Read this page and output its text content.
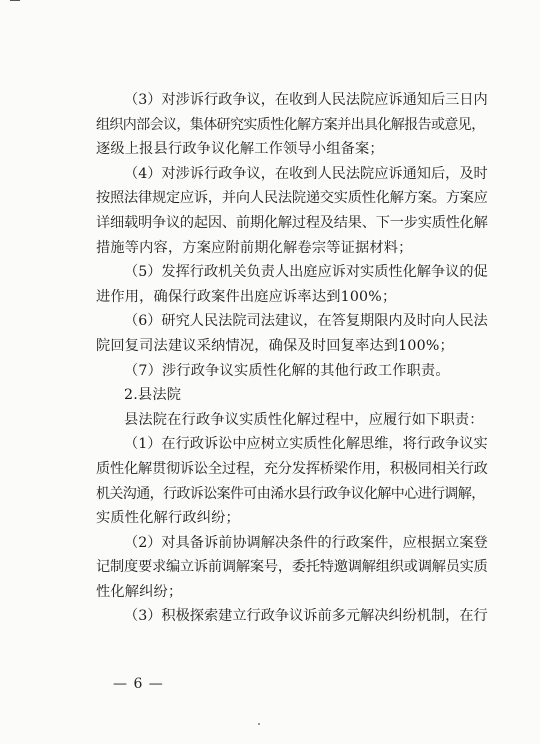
（3）对涉诉行政争议，在收到人民法院应诉通知后三日内
组织内部会议，集体研究实质性化解方案并出具化解报告或意见，
逐级上报县行政争议化解工作领导小组备案；

（4）对涉诉行政争议，在收到人民法院应诉通知后，及时
按照法律规定应诉，并向人民法院递交实质性化解方案。方案应
详细载明争议的起因、前期化解过程及结果、下一步实质性化解
措施等内容，方案应附前期化解卷宗等证据材料；

（5）发挥行政机关负责人出庭应诉对实质性化解争议的促
进作用，确保行政案件出庭应诉率达到100%；

（6）研究人民法院司法建议，在答复期限内及时向人民法
院回复司法建议采纳情况，确保及时回复率达到100%；

（7）涉行政争议实质性化解的其他行政工作职责。

2.县法院

县法院在行政争议实质性化解过程中，应履行如下职责：

（1）在行政诉讼中应树立实质性化解思维，将行政争议实
质性化解贯彻诉讼全过程，充分发挥桥梁作用，积极同相关行政
机关沟通，行政诉讼案件可由浠水县行政争议化解中心进行调解，
实质性化解行政纠纷；

（2）对具备诉前协调解决条件的行政案件，应根据立案登
记制度要求编立诉前调解案号，委托特邀调解组织或调解员实质
性化解纠纷；

（3）积极探索建立行政争议诉前多元解决纠纷机制，在行

— 6 —
